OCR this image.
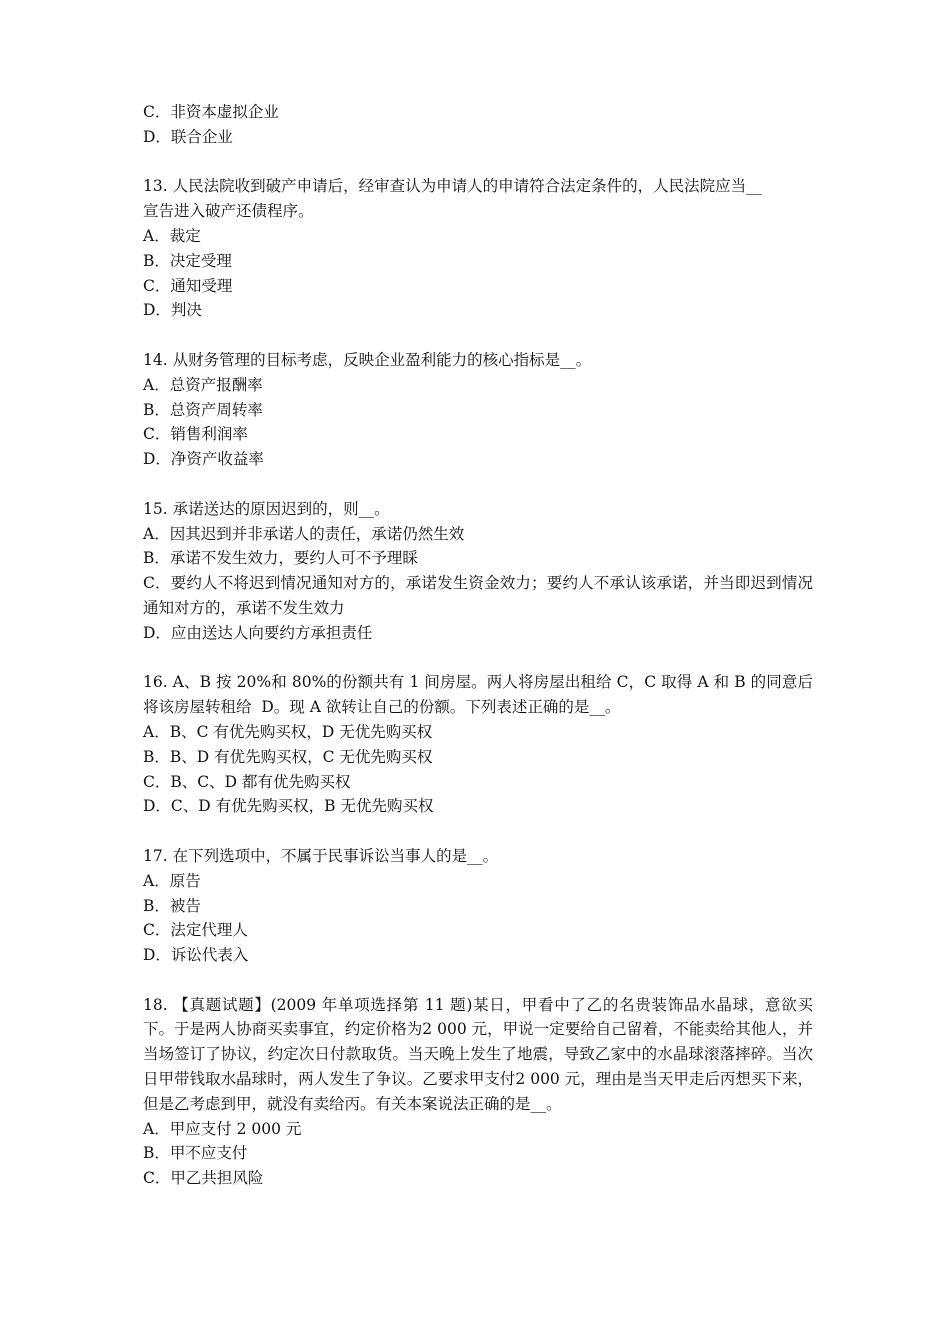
C．非资本虚拟企业
D．联合企业
13. 人民法院收到破产申请后，经审查认为申请人的申请符合法定条件的，人民法院应当__
宣告进入破产还债程序。
A．裁定
B．决定受理
C．通知受理
D．判决
14. 从财务管理的目标考虑，反映企业盈利能力的核心指标是__。
A．总资产报酬率
B．总资产周转率
C．销售利润率
D．净资产收益率
15. 承诺送达的原因迟到的，则__。
A．因其迟到并非承诺人的责任，承诺仍然生效
B．承诺不发生效力，要约人可不予理睬
C．要约人不将迟到情况通知对方的，承诺发生资金效力；要约人不承认该承诺，并当即迟到情况通知对方的，承诺不发生效力
D．应由送达人向要约方承担责任
16. A、B 按 20%和 80%的份额共有 1 间房屋。两人将房屋出租给 C，C 取得 A 和 B 的同意后将该房屋转租给  D。现 A 欲转让自己的份额。下列表述正确的是__。
A．B、C 有优先购买权，D 无优先购买权
B．B、D 有优先购买权，C 无优先购买权
C．B、C、D 都有优先购买权
D．C、D 有优先购买权，B 无优先购买权
17. 在下列选项中，不属于民事诉讼当事人的是__。
A．原告
B．被告
C．法定代理人
D．诉讼代表入
18. 【真题试题】(2009 年单项选择第 11 题)某日，甲看中了乙的名贵装饰品水晶球，意欲买下。于是两人协商买卖事宜，约定价格为2 000 元，甲说一定要给自己留着，不能卖给其他人，并当场签订了协议，约定次日付款取货。当天晚上发生了地震，导致乙家中的水晶球滚落摔碎。当次日甲带钱取水晶球时，两人发生了争议。乙要求甲支付2 000 元，理由是当天甲走后丙想买下来，但是乙考虑到甲，就没有卖给丙。有关本案说法正确的是__。
A．甲应支付 2 000 元
B．甲不应支付
C．甲乙共担风险
